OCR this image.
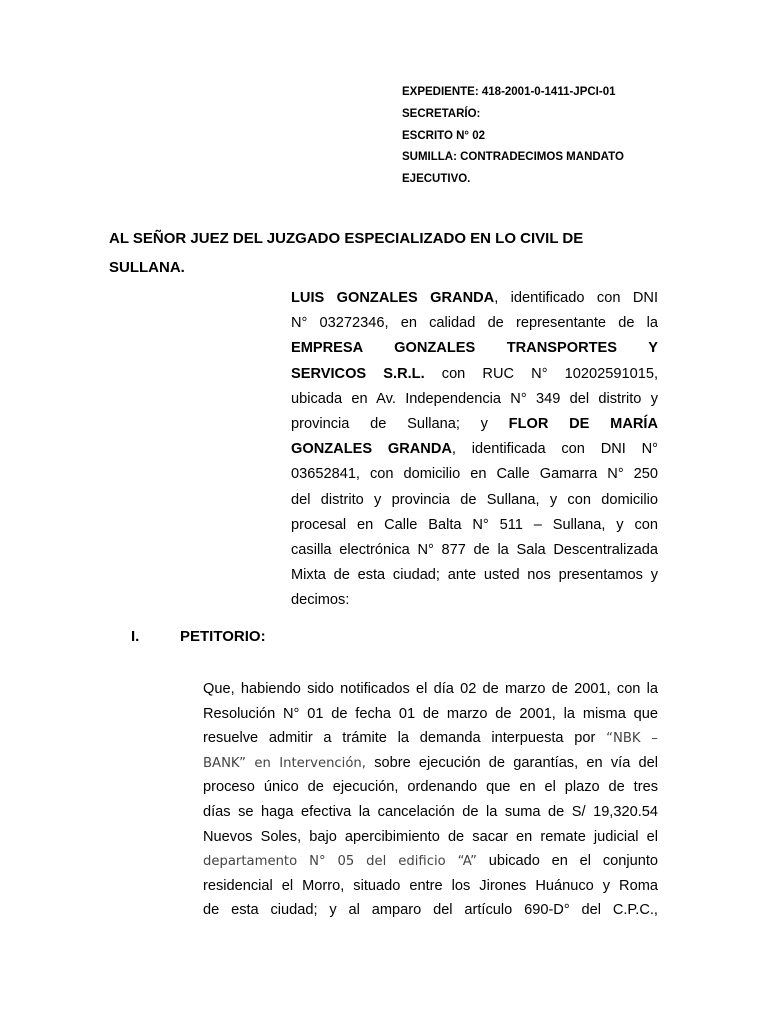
EXPEDIENTE: 418-2001-0-1411-JPCI-01
SECRETARÍO:
ESCRITO N° 02
SUMILLA: CONTRADECIMOS MANDATO
EJECUTIVO.
AL SEÑOR JUEZ DEL JUZGADO ESPECIALIZADO EN LO CIVIL DE
SULLANA.
LUIS GONZALES GRANDA, identificado con DNI
N° 03272346, en calidad de representante de la
EMPRESA GONZALES TRANSPORTES Y
SERVICOS S.R.L. con RUC N° 10202591015,
ubicada en Av. Independencia N° 349 del distrito y
provincia de Sullana; y FLOR DE MARÍA
GONZALES GRANDA, identificada con DNI N°
03652841, con domicilio en Calle Gamarra N° 250
del distrito y provincia de Sullana, y con domicilio
procesal en Calle Balta N° 511 – Sullana, y con
casilla electrónica N° 877 de la Sala Descentralizada
Mixta de esta ciudad; ante usted nos presentamos y
decimos:
I.	PETITORIO:
Que, habiendo sido notificados el día 02 de marzo de 2001, con la
Resolución N° 01 de fecha 01 de marzo de 2001, la misma que
resuelve admitir a trámite la demanda interpuesta por “NBK –
BANK” en Intervención, sobre ejecución de garantías, en vía del
proceso único de ejecución, ordenando que en el plazo de tres
días se haga efectiva la cancelación de la suma de S/ 19,320.54
Nuevos Soles, bajo apercibimiento de sacar en remate judicial el
departamento N° 05 del edificio “A” ubicado en el conjunto
residencial el Morro, situado entre los Jirones Huánuco y Roma
de esta ciudad; y al amparo del artículo 690-D° del C.P.C.,
